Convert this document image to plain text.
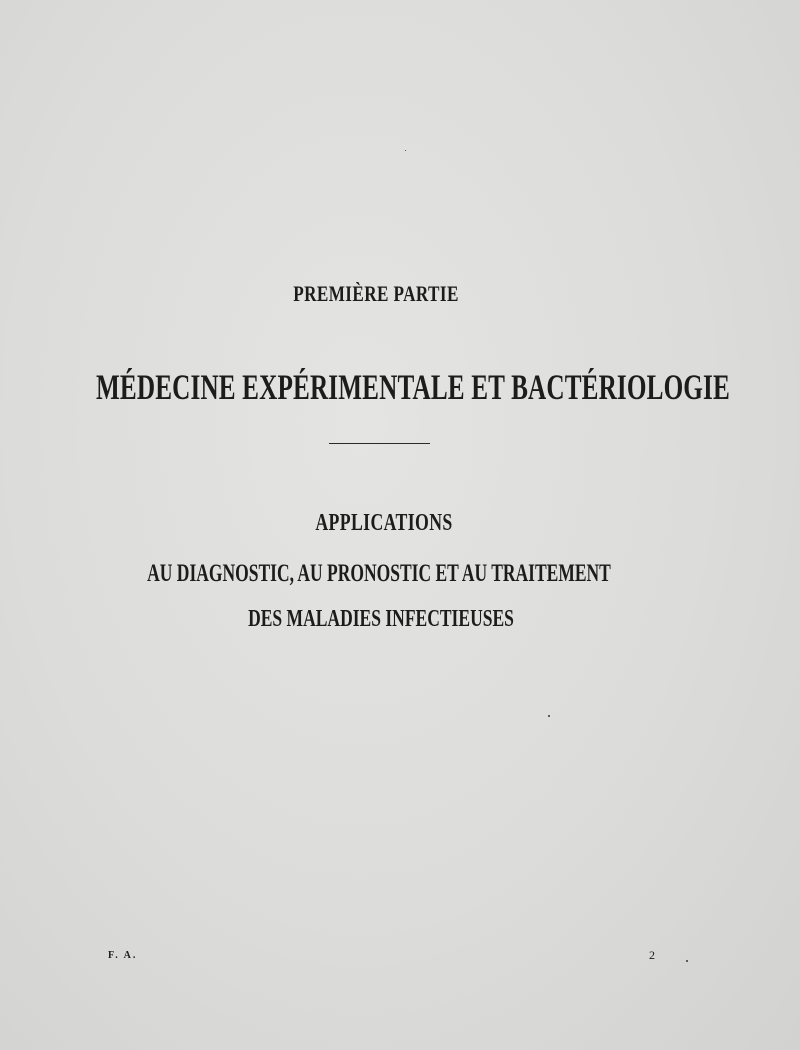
PREMIÈRE PARTIE
MÉDECINE EXPÉRIMENTALE ET BACTÉRIOLOGIE
APPLICATIONS
AU DIAGNOSTIC, AU PRONOSTIC ET AU TRAITEMENT
DES MALADIES INFECTIEUSES
F. A.	2
